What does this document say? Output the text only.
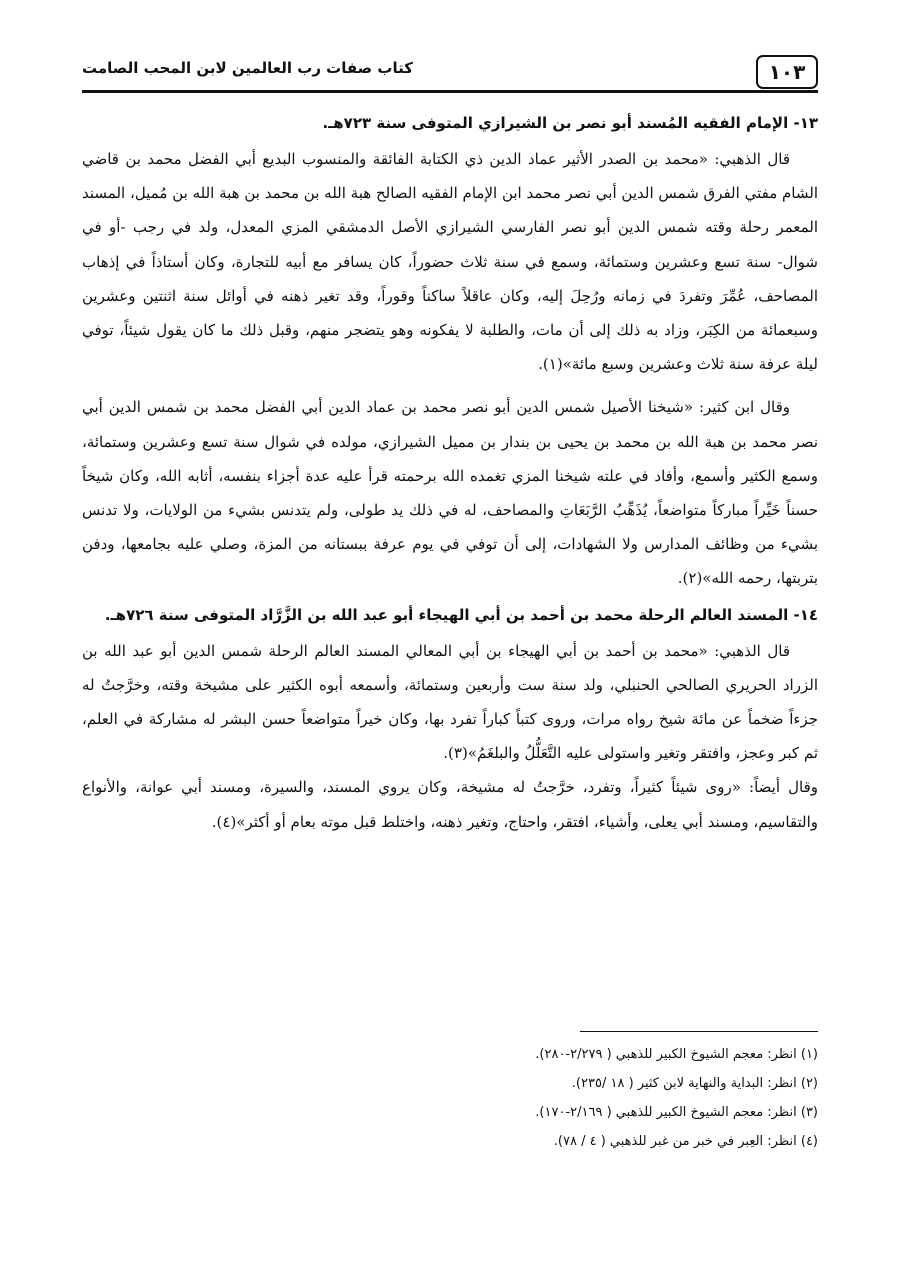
١٠٣
كتاب صفات رب العالمين لابن المحب الصامت
١٣- الإمام الفقيه المُسند أبو نصر بن الشيرازي المتوفى سنة ٧٢٣هـ.

قال الذهبي: «محمد بن الصدر الأثير عماد الدين ذي الكتابة الفائقة والمنسوب البديع أبي الفضل محمد بن قاضي الشام مفتي الفرق شمس الدين أبي نصر محمد ابن الإمام الفقيه الصالح هبة الله بن محمد بن هبة الله بن مُميل، المسند المعمر رحلة وقته شمس الدين أبو نصر الفارسي الشيرازي الأصل الدمشقي المزي المعدل، ولد في رجب -أو في شوال- سنة تسع وعشرين وستمائة، وسمع في سنة ثلاث حضوراً، كان يسافر مع أبيه للتجارة، وكان أستاذاً في إذهاب المصاحف، عُمِّرَ وتفردَ في زمانه ورُحِلَ إليه، وكان عاقلاً ساكناً وقوراً، وقد تغير ذهنه في أوائل سنة اثنتين وعشرين وسبعمائة من الكِبَر، وزاد به ذلك إلى أن مات، والطلبة لا يفكونه وهو يتضجر منهم، وقبل ذلك ما كان يقول شيئاً، توفي ليلة عرفة سنة ثلاث وعشرين وسبع مائة»(١).

وقال ابن كثير: «شيخنا الأصيل شمس الدين أبو نصر محمد بن عماد الدين أبي الفضل محمد بن شمس الدين أبي نصر محمد بن هبة الله بن محمد بن يحيى بن بندار بن مميل الشيرازي، مولده في شوال سنة تسع وعشرين وستمائة، وسمع الكثير وأسمع، وأفاد في علته شيخنا المزي تغمده الله برحمته قرأ عليه عدة أجزاء بنفسه، أثابه الله، وكان شيخاً حسناً خَيِّراً مباركاً متواضعاً، يُذَهِّبُ الرَّبَعَاتِ والمصاحف، له في ذلك يد طولى، ولم يتدنس بشيء من الولايات، ولا تدنس بشيء من وظائف المدارس ولا الشهادات، إلى أن توفي في يوم عرفة ببستانه من المزة، وصلي عليه بجامعها، ودفن بتربتها، رحمه الله»(٢).

١٤- المسند العالم الرحلة محمد بن أحمد بن أبي الهيجاء أبو عبد الله بن الزَّرَّاد المتوفى سنة ٧٢٦هـ.

قال الذهبي: «محمد بن أحمد بن أبي الهيجاء بن أبي المعالي المسند العالم الرحلة شمس الدين أبو عبد الله بن الزراد الحريري الصالحي الحنبلي، ولد سنة ست وأربعين وستمائة، وأسمعه أبوه الكثير على مشيخة وقته، وخرَّجتُ له جزءاً ضخماً عن مائة شيخ رواه مرات، وروى كتباً كباراً تفرد بها، وكان خيراً متواضعاً حسن البشر له مشاركة في العلم، ثم كبر وعجز، وافتقر وتغير واستولى عليه التَّعَلُّلُ والبلغَمُ»(٣).

وقال أيضاً: «روى شيئاً كثيراً، وتفرد، خرَّجتُ له مشيخة، وكان يروي المسند، والسيرة، ومسند أبي عوانة، والأنواع والتقاسيم، ومسند أبي يعلى، وأشياء، افتقر، واحتاج، وتغير ذهنه، واختلط قبل موته بعام أو أكثر»(٤).

(١) انظر: معجم الشيوخ الكبير للذهبي ( ٢/٢٧٩-٢٨٠).
(٢) انظر: البداية والنهاية لابن كثير ( ١٨ /٢٣٥).
(٣) انظر: معجم الشيوخ الكبير للذهبي ( ٢/١٦٩-١٧٠).
(٤) انظر: العِبر في خبر من غبر للذهبي ( ٤ / ٧٨).
